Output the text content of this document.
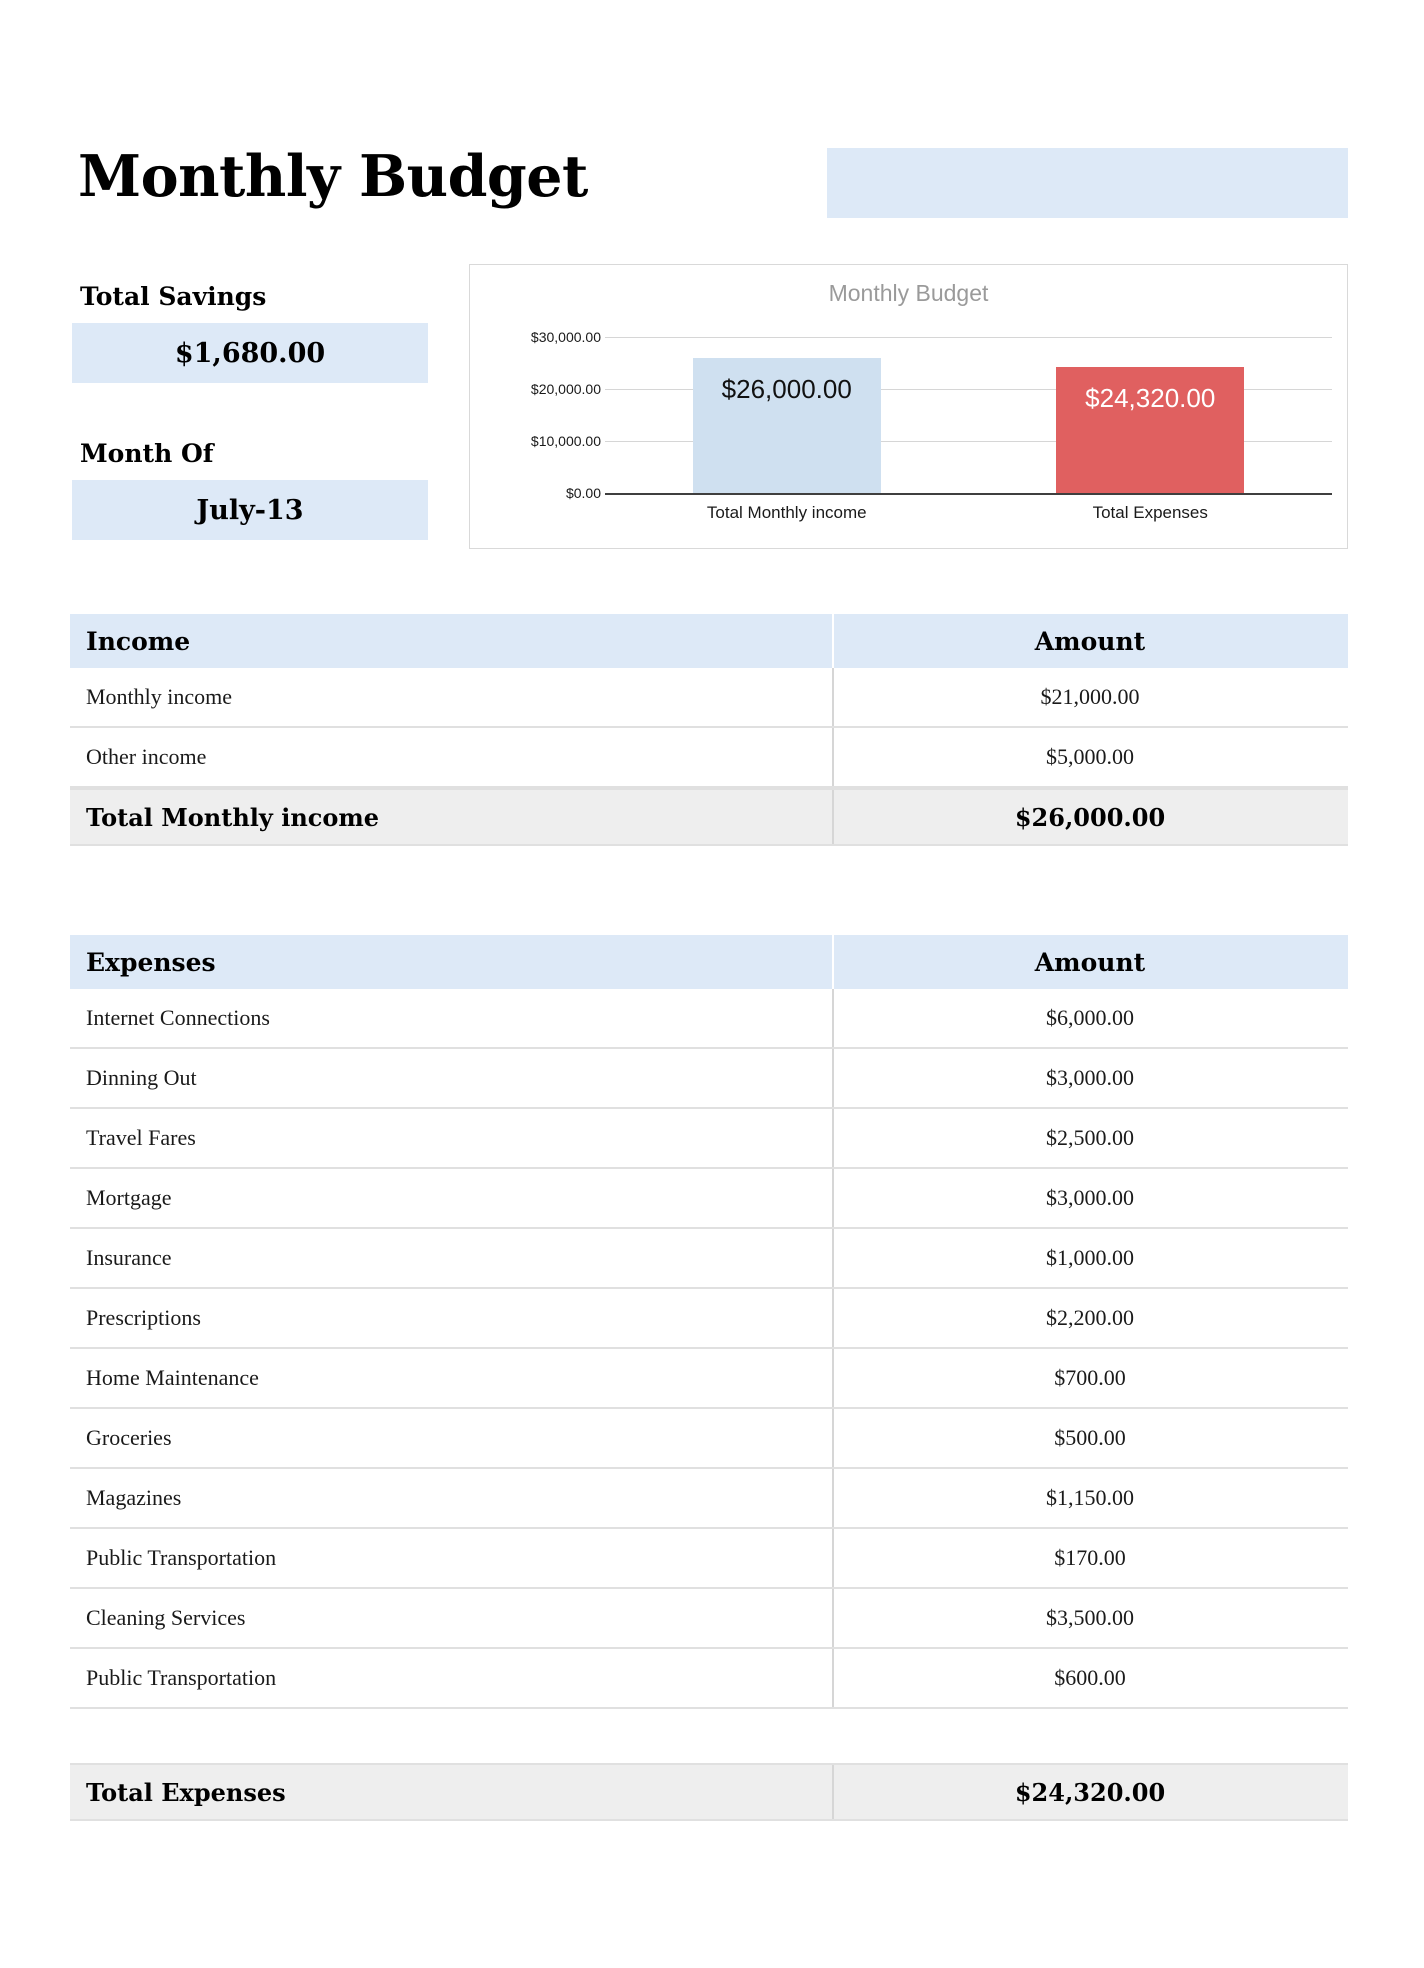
Monthly Budget
Total Savings
$1,680.00
Month Of
July-13
Monthly Budget
$0.00
$10,000.00
$20,000.00
$30,000.00
$26,000.00
Total Monthly income
$24,320.00
Total Expenses
Income	Amount
Monthly income	$21,000.00
Other income	$5,000.00
Total Monthly income	$26,000.00
Expenses	Amount
Internet Connections	$6,000.00
Dinning Out	$3,000.00
Travel Fares	$2,500.00
Mortgage	$3,000.00
Insurance	$1,000.00
Prescriptions	$2,200.00
Home Maintenance	$700.00
Groceries	$500.00
Magazines	$1,150.00
Public Transportation	$170.00
Cleaning Services	$3,500.00
Public Transportation	$600.00
Total Expenses	$24,320.00
